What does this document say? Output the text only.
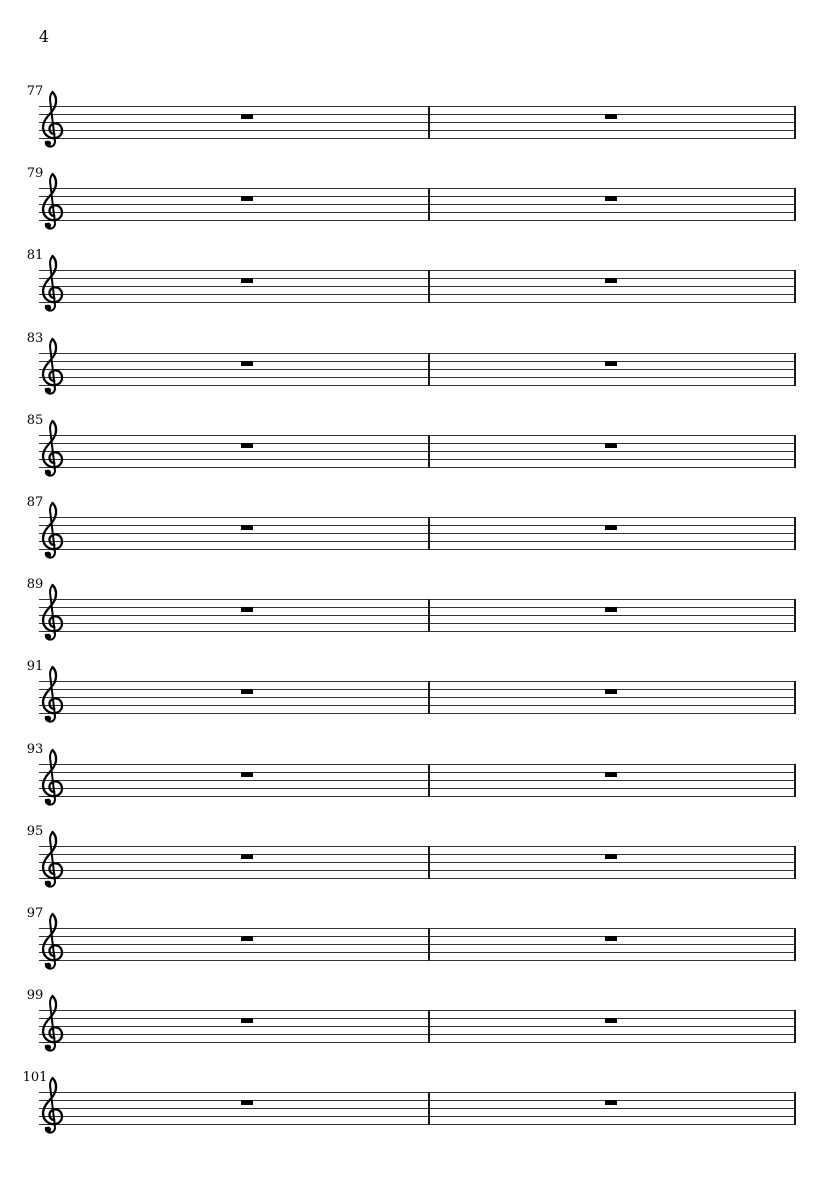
4
77
79
81
83
85
87
89
91
93
95
97
99
101
